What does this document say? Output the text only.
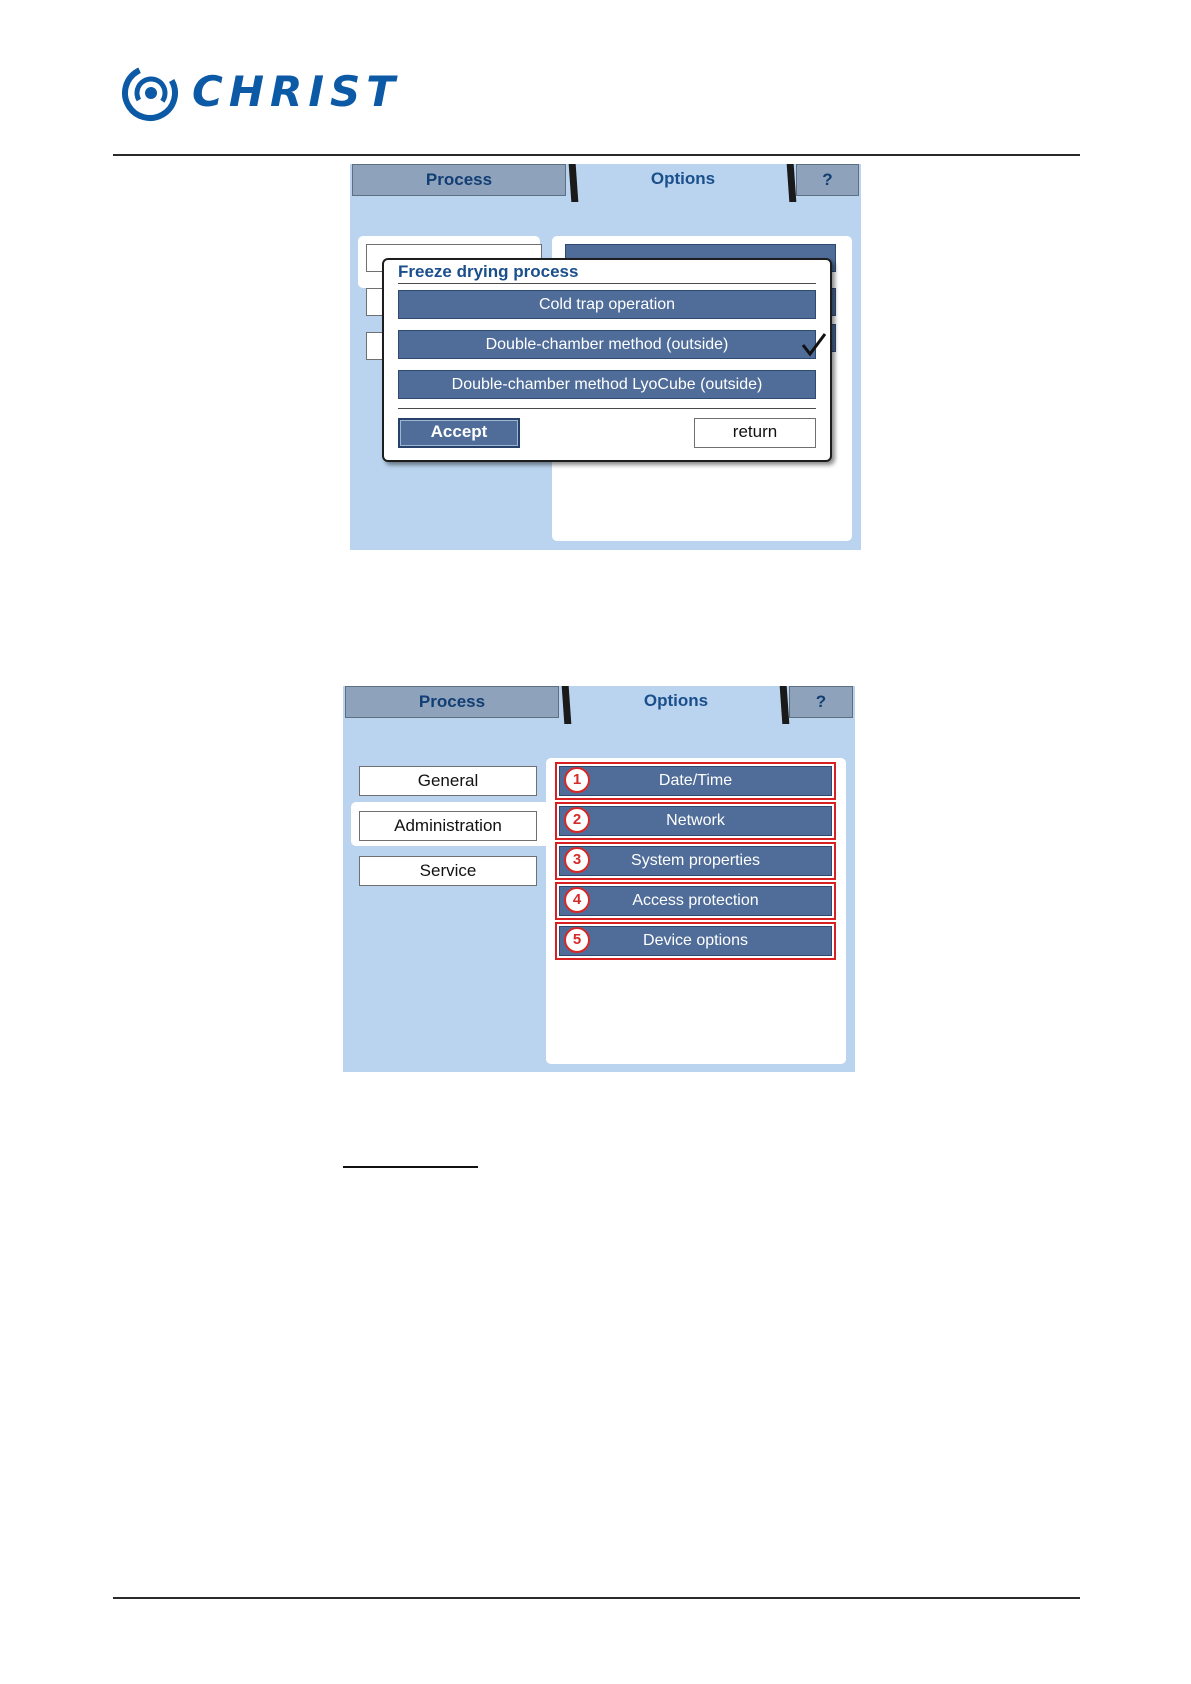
CHRIST
Process	Options	?
Freeze drying process
Cold trap operation
Double-chamber method (outside)
Double-chamber method LyoCube (outside)
Accept	return
Process	Options	?
General
Administration
Service
1	Date/Time
2	Network
3	System properties
4	Access protection
5	Device options
